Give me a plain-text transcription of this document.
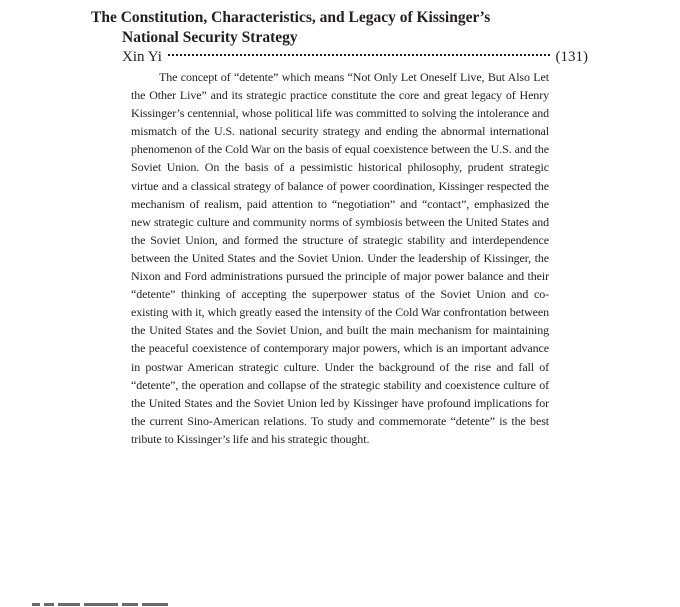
The Constitution, Characteristics, and Legacy of Kissinger’s
National Security Strategy
Xin Yi	(131)

The concept of “detente” which means “Not Only Let Oneself Live, But Also Let the Other Live” and its strategic practice constitute the core and great legacy of Henry Kissinger’s centennial, whose political life was committed to solving the intolerance and mismatch of the U.S. national security strategy and ending the abnormal international phenomenon of the Cold War on the basis of equal coexistence between the U.S. and the Soviet Union. On the basis of a pessimistic historical philosophy, prudent strategic virtue and a classical strategy of balance of power coordination, Kissinger respected the mechanism of realism, paid attention to “negotiation” and “contact”, emphasized the new strategic culture and community norms of symbiosis between the United States and the Soviet Union, and formed the structure of strategic stability and interdependence between the United States and the Soviet Union. Under the leadership of Kissinger, the Nixon and Ford administrations pursued the principle of major power balance and their “detente” thinking of accepting the superpower status of the Soviet Union and co-existing with it, which greatly eased the intensity of the Cold War confrontation between the United States and the Soviet Union, and built the main mechanism for maintaining the peaceful coexistence of contemporary major powers, which is an important advance in postwar American strategic culture. Under the background of the rise and fall of “detente”, the operation and collapse of the strategic stability and coexistence culture of the United States and the Soviet Union led by Kissinger have profound implications for the current Sino-American relations. To study and commemorate “detente” is the best tribute to Kissinger’s life and his strategic thought.
